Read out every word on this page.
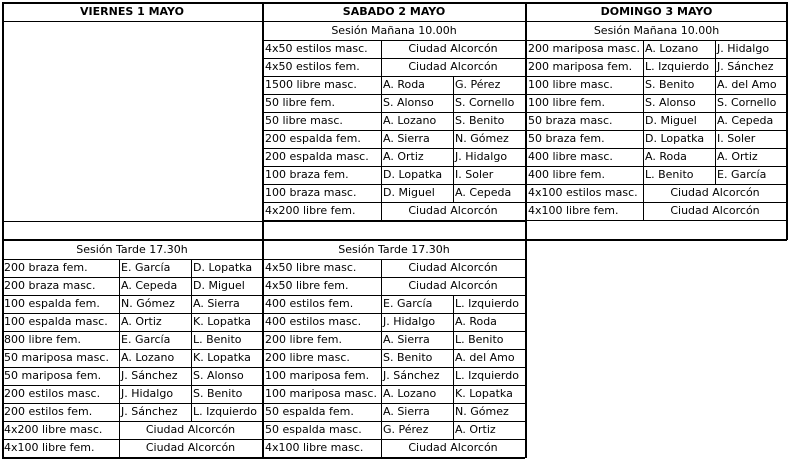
VIERNES 1 MAYO	SABADO 2 MAYO	DOMINGO 3 MAYO
Sesión Mañana 10.00h
4x50 estilos masc.	Ciudad Alcorcón
4x50 estilos fem.	Ciudad Alcorcón
1500 libre masc.	A. Roda	G. Pérez
50 libre fem.	S. Alonso	S. Cornello
50 libre masc.	A. Lozano	S. Benito
200 espalda fem.	A. Sierra	N. Gómez
200 espalda masc.	A. Ortiz	J. Hidalgo
100 braza fem.	D. Lopatka	I. Soler
100 braza masc.	D. Miguel	A. Cepeda
4x200 libre fem.	Ciudad Alcorcón
Sesión Mañana 10.00h
200 mariposa masc. A. Lozano	J. Hidalgo
200 mariposa fem.	L. Izquierdo J. Sánchez
100 libre masc.	S. Benito	A. del Amo
100 libre fem.	S. Alonso	S. Cornello
50 braza masc.	D. Miguel	A. Cepeda
50 braza fem.	D. Lopatka	I. Soler
400 libre masc.	A. Roda	A. Ortiz
400 libre fem.	L. Benito	E. García
4x100 estilos masc.	Ciudad Alcorcón
4x100 libre fem.	Ciudad Alcorcón
Sesión Tarde 17.30h
200 braza fem.	E. García	D. Lopatka
200 braza masc.	A. Cepeda	D. Miguel
100 espalda fem.	N. Gómez	A. Sierra
100 espalda masc.	A. Ortiz	K. Lopatka
800 libre fem.	E. García	L. Benito
50 mariposa masc.	A. Lozano	K. Lopatka
50 mariposa fem.	J. Sánchez	S. Alonso
200 estilos masc.	J. Hidalgo	S. Benito
200 estilos fem.	J. Sánchez	L. Izquierdo
4x200 libre masc.	Ciudad Alcorcón
4x100 libre fem.	Ciudad Alcorcón
Sesión Tarde 17.30h
4x50 libre masc.	Ciudad Alcorcón
4x50 libre fem.	Ciudad Alcorcón
400 estilos fem.	E. García	L. Izquierdo
400 estilos masc.	J. Hidalgo	A. Roda
200 libre fem.	A. Sierra	L. Benito
200 libre masc.	S. Benito	A. del Amo
100 mariposa fem.	J. Sánchez	L. Izquierdo
100 mariposa masc. A. Lozano	K. Lopatka
50 espalda fem.	A. Sierra	N. Gómez
50 espalda masc.	G. Pérez	A. Ortiz
4x100 libre masc.	Ciudad Alcorcón
